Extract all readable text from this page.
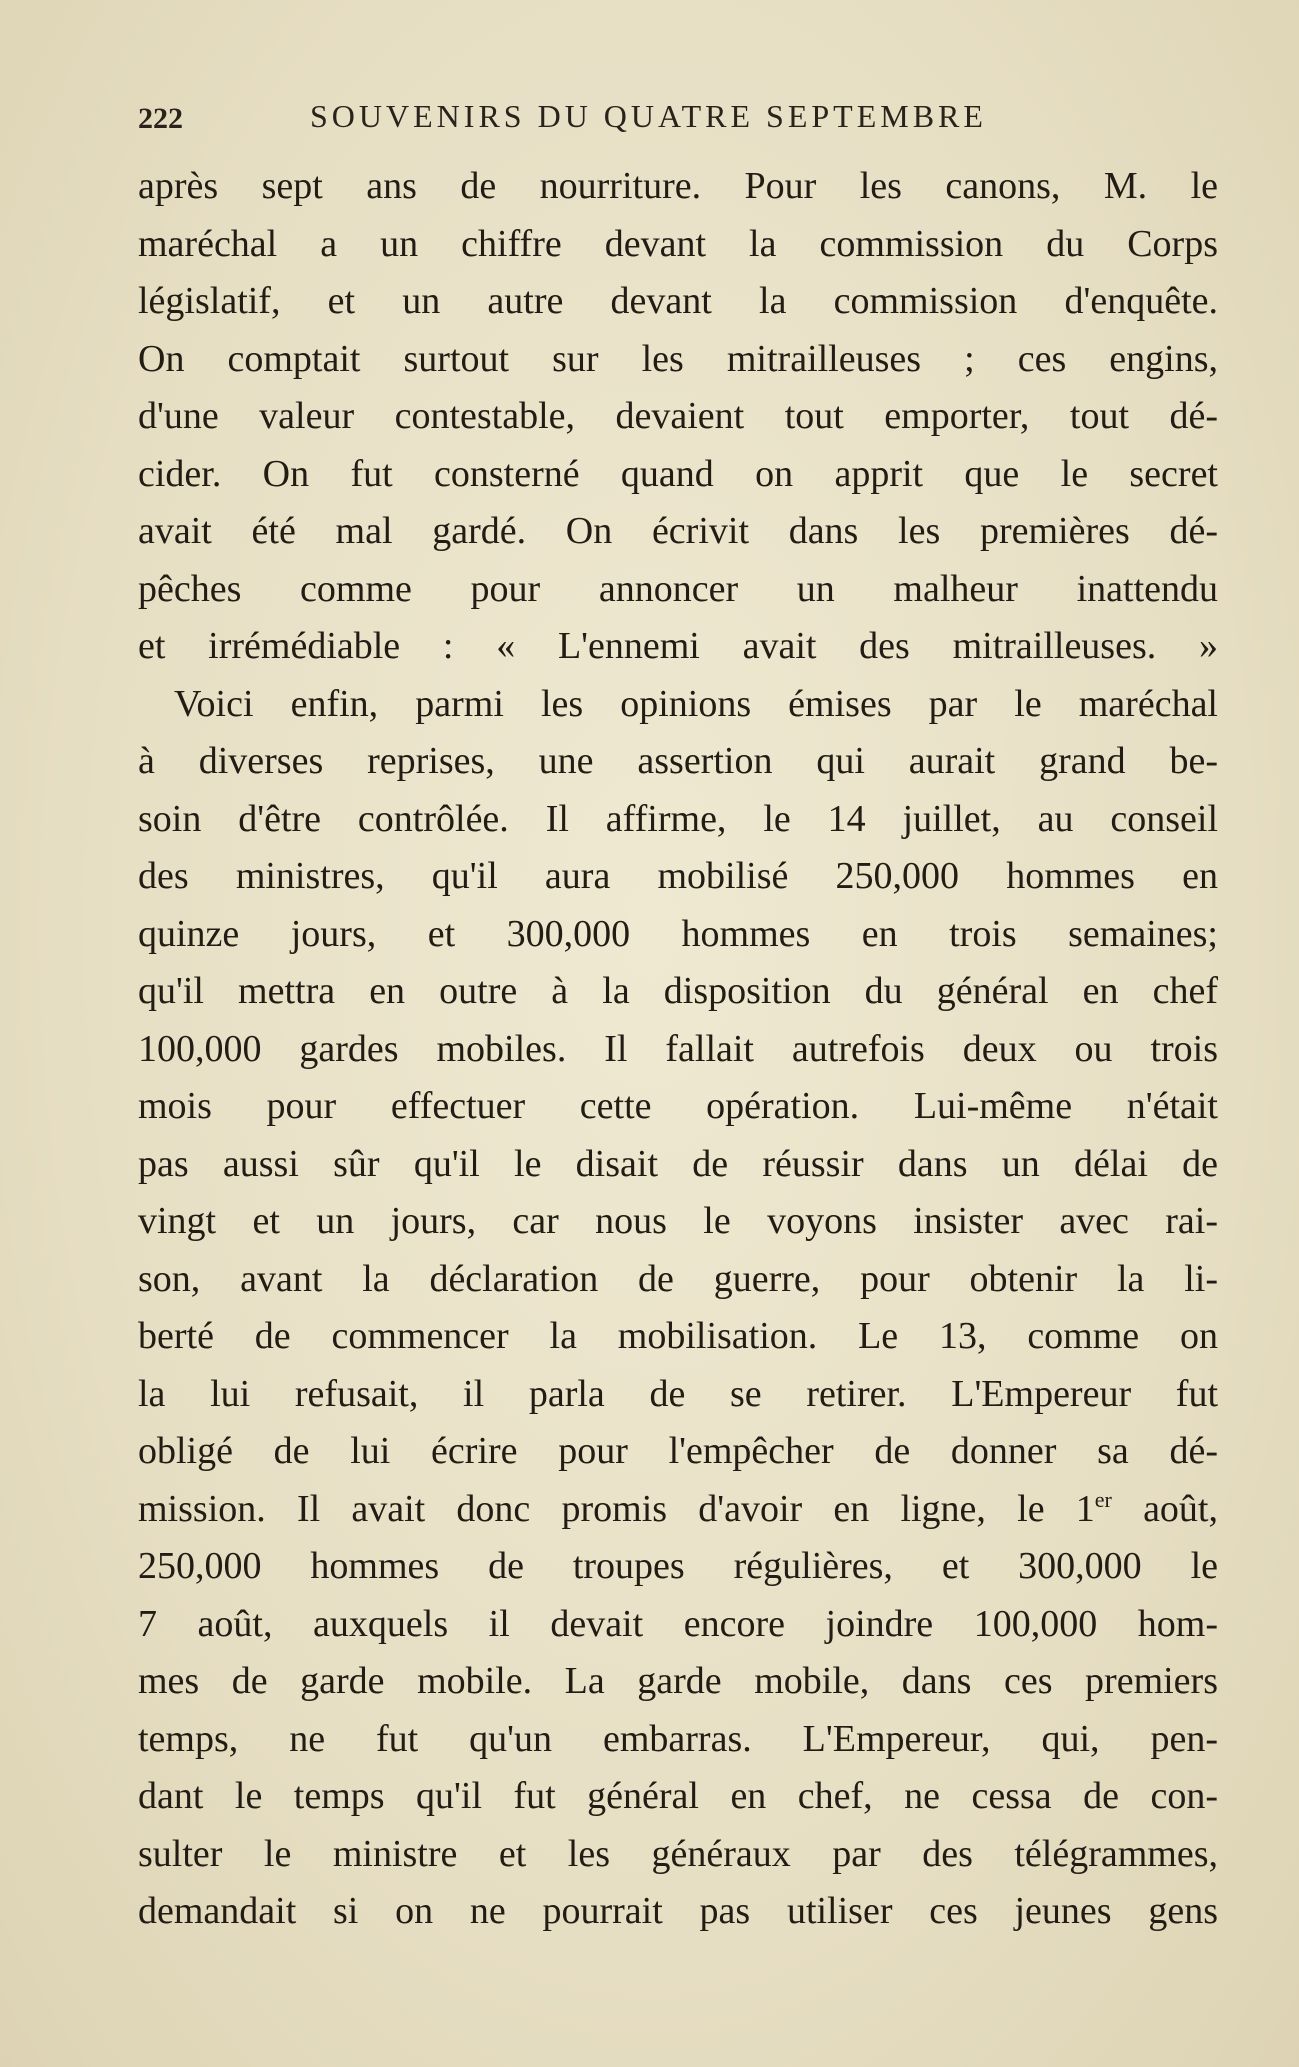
222	SOUVENIRS DU QUATRE SEPTEMBRE
après sept ans de nourriture. Pour les canons, M. le
maréchal a un chiffre devant la commission du Corps
législatif, et un autre devant la commission d'enquête.
On comptait surtout sur les mitrailleuses ; ces engins,
d'une valeur contestable, devaient tout emporter, tout dé-
cider. On fut consterné quand on apprit que le secret
avait été mal gardé. On écrivit dans les premières dé-
pêches comme pour annoncer un malheur inattendu
et irrémédiable : « L'ennemi avait des mitrailleuses. »
Voici enfin, parmi les opinions émises par le maréchal
à diverses reprises, une assertion qui aurait grand be-
soin d'être contrôlée. Il affirme, le 14 juillet, au conseil
des ministres, qu'il aura mobilisé 250,000 hommes en
quinze jours, et 300,000 hommes en trois semaines;
qu'il mettra en outre à la disposition du général en chef
100,000 gardes mobiles. Il fallait autrefois deux ou trois
mois pour effectuer cette opération. Lui-même n'était
pas aussi sûr qu'il le disait de réussir dans un délai de
vingt et un jours, car nous le voyons insister avec rai-
son, avant la déclaration de guerre, pour obtenir la li-
berté de commencer la mobilisation. Le 13, comme on
la lui refusait, il parla de se retirer. L'Empereur fut
obligé de lui écrire pour l'empêcher de donner sa dé-
mission. Il avait donc promis d'avoir en ligne, le 1er août,
250,000 hommes de troupes régulières, et 300,000 le
7 août, auxquels il devait encore joindre 100,000 hom-
mes de garde mobile. La garde mobile, dans ces premiers
temps, ne fut qu'un embarras. L'Empereur, qui, pen-
dant le temps qu'il fut général en chef, ne cessa de con-
sulter le ministre et les généraux par des télégrammes,
demandait si on ne pourrait pas utiliser ces jeunes gens
